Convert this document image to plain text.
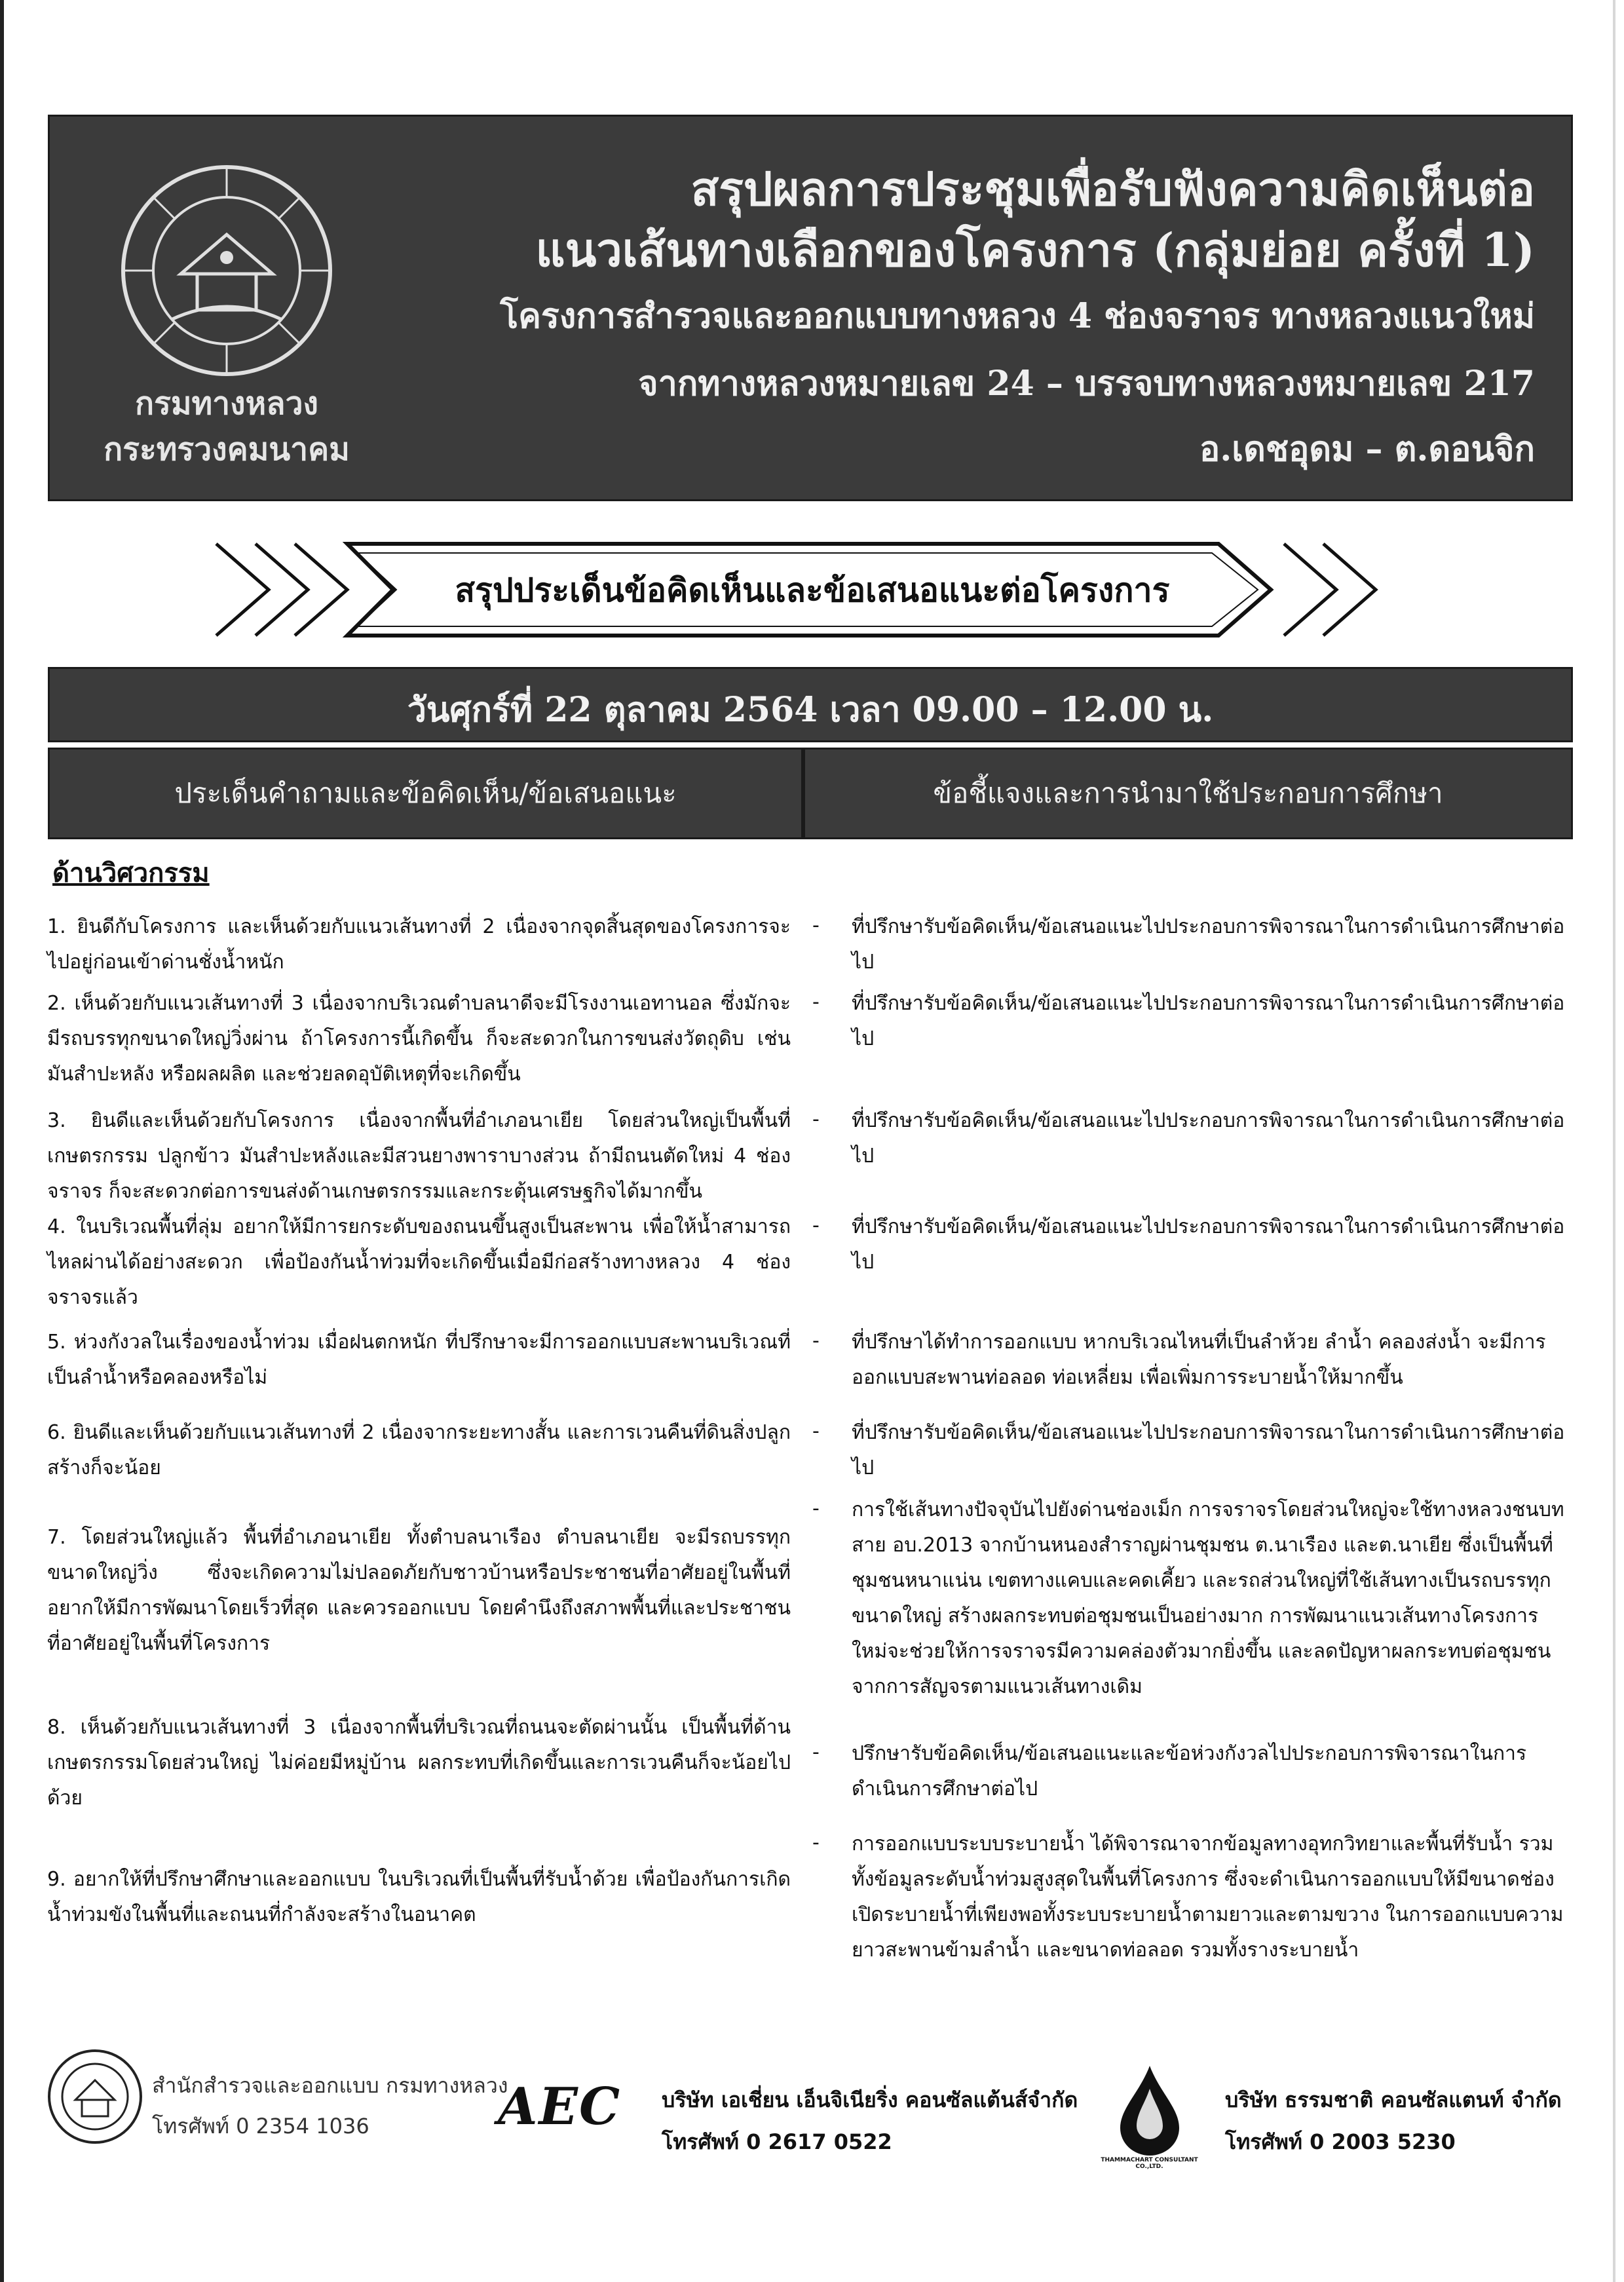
กรมทางหลวง
กระทรวงคมนาคม
สรุปผลการประชุมเพื่อรับฟังความคิดเห็นต่อ
แนวเส้นทางเลือกของโครงการ (กลุ่มย่อย ครั้งที่ 1)
โครงการสำรวจและออกแบบทางหลวง 4 ช่องจราจร ทางหลวงแนวใหม่
จากทางหลวงหมายเลข 24 – บรรจบทางหลวงหมายเลข 217
อ.เดชอุดม – ต.ดอนจิก
สรุปประเด็นข้อคิดเห็นและข้อเสนอแนะต่อโครงการ
วันศุกร์ที่ 22 ตุลาคม 2564 เวลา 09.00 – 12.00 น.
ประเด็นคำถามและข้อคิดเห็น/ข้อเสนอแนะ	ข้อชี้แจงและการนำมาใช้ประกอบการศึกษา
ด้านวิศวกรรม
1. ยินดีกับโครงการ และเห็นด้วยกับแนวเส้นทางที่ 2 เนื่องจากจุดสิ้นสุดของโครงการจะไปอยู่ก่อนเข้าด่านชั่งน้ำหนัก
- ที่ปรึกษารับข้อคิดเห็น/ข้อเสนอแนะไปประกอบการพิจารณาในการดำเนินการศึกษาต่อไป
2. เห็นด้วยกับแนวเส้นทางที่ 3 เนื่องจากบริเวณตำบลนาดีจะมีโรงงานเอทานอล ซึ่งมักจะมีรถบรรทุกขนาดใหญ่วิ่งผ่าน ถ้าโครงการนี้เกิดขึ้น ก็จะสะดวกในการขนส่งวัตถุดิบ เช่น มันสำปะหลัง หรือผลผลิต และช่วยลดอุบัติเหตุที่จะเกิดขึ้น
- ที่ปรึกษารับข้อคิดเห็น/ข้อเสนอแนะไปประกอบการพิจารณาในการดำเนินการศึกษาต่อไป
3. ยินดีและเห็นด้วยกับโครงการ เนื่องจากพื้นที่อำเภอนาเยีย โดยส่วนใหญ่เป็นพื้นที่เกษตรกรรม ปลูกข้าว มันสำปะหลังและมีสวนยางพาราบางส่วน ถ้ามีถนนตัดใหม่ 4 ช่องจราจร ก็จะสะดวกต่อการขนส่งด้านเกษตรกรรมและกระตุ้นเศรษฐกิจได้มากขึ้น
- ที่ปรึกษารับข้อคิดเห็น/ข้อเสนอแนะไปประกอบการพิจารณาในการดำเนินการศึกษาต่อไป
4. ในบริเวณพื้นที่ลุ่ม อยากให้มีการยกระดับของถนนขึ้นสูงเป็นสะพาน เพื่อให้น้ำสามารถไหลผ่านได้อย่างสะดวก เพื่อป้องกันน้ำท่วมที่จะเกิดขึ้นเมื่อมีก่อสร้างทางหลวง 4 ช่องจราจรแล้ว
- ที่ปรึกษารับข้อคิดเห็น/ข้อเสนอแนะไปประกอบการพิจารณาในการดำเนินการศึกษาต่อไป
5. ห่วงกังวลในเรื่องของน้ำท่วม เมื่อฝนตกหนัก ที่ปรึกษาจะมีการออกแบบสะพานบริเวณที่เป็นลำน้ำหรือคลองหรือไม่
- ที่ปรึกษาได้ทำการออกแบบ หากบริเวณไหนที่เป็นลำห้วย ลำน้ำ คลองส่งน้ำ จะมีการออกแบบสะพานท่อลอด ท่อเหลี่ยม เพื่อเพิ่มการระบายน้ำให้มากขึ้น
6. ยินดีและเห็นด้วยกับแนวเส้นทางที่ 2 เนื่องจากระยะทางสั้น และการเวนคืนที่ดินสิ่งปลูกสร้างก็จะน้อย
- ที่ปรึกษารับข้อคิดเห็น/ข้อเสนอแนะไปประกอบการพิจารณาในการดำเนินการศึกษาต่อไป
7. โดยส่วนใหญ่แล้ว พื้นที่อำเภอนาเยีย ทั้งตำบลนาเรือง ตำบลนาเยีย จะมีรถบรรทุกขนาดใหญ่วิ่ง ซึ่งจะเกิดความไม่ปลอดภัยกับชาวบ้านหรือประชาชนที่อาศัยอยู่ในพื้นที่ อยากให้มีการพัฒนาโดยเร็วที่สุด และควรออกแบบ โดยคำนึงถึงสภาพพื้นที่และประชาชนที่อาศัยอยู่ในพื้นที่โครงการ
- การใช้เส้นทางปัจจุบันไปยังด่านช่องเม็ก การจราจรโดยส่วนใหญ่จะใช้ทางหลวงชนบทสาย อบ.2013 จากบ้านหนองสำราญผ่านชุมชน ต.นาเรือง และต.นาเยีย ซึ่งเป็นพื้นที่ชุมชนหนาแน่น เขตทางแคบและคดเคี้ยว และรถส่วนใหญ่ที่ใช้เส้นทางเป็นรถบรรทุกขนาดใหญ่ สร้างผลกระทบต่อชุมชนเป็นอย่างมาก การพัฒนาแนวเส้นทางโครงการใหม่จะช่วยให้การจราจรมีความคล่องตัวมากยิ่งขึ้น และลดปัญหาผลกระทบต่อชุมชนจากการสัญจรตามแนวเส้นทางเดิม
8. เห็นด้วยกับแนวเส้นทางที่ 3 เนื่องจากพื้นที่บริเวณที่ถนนจะตัดผ่านนั้น เป็นพื้นที่ด้านเกษตรกรรมโดยส่วนใหญ่ ไม่ค่อยมีหมู่บ้าน ผลกระทบที่เกิดขึ้นและการเวนคืนก็จะน้อยไปด้วย
- ปรึกษารับข้อคิดเห็น/ข้อเสนอแนะและข้อห่วงกังวลไปประกอบการพิจารณาในการดำเนินการศึกษาต่อไป
9. อยากให้ที่ปรึกษาศึกษาและออกแบบ ในบริเวณที่เป็นพื้นที่รับน้ำด้วย เพื่อป้องกันการเกิดน้ำท่วมขังในพื้นที่และถนนที่กำลังจะสร้างในอนาคต
- การออกแบบระบบระบายน้ำ ได้พิจารณาจากข้อมูลทางอุทกวิทยาและพื้นที่รับน้ำ รวมทั้งข้อมูลระดับน้ำท่วมสูงสุดในพื้นที่โครงการ ซึ่งจะดำเนินการออกแบบให้มีขนาดช่องเปิดระบายน้ำที่เพียงพอทั้งระบบระบายน้ำตามยาวและตามขวาง ในการออกแบบความยาวสะพานข้ามลำน้ำ และขนาดท่อลอด รวมทั้งรางระบายน้ำ
สำนักสำรวจและออกแบบ กรมทางหลวง
โทรศัพท์ 0 2354 1036	AEC บริษัท เอเชี่ยน เอ็นจิเนียริ่ง คอนซัลแต้นส์จำกัด
โทรศัพท์ 0 2617 0522
THAMMACHART CONSULTANT CO.,LTD.
บริษัท ธรรมชาติ คอนซัลแตนท์ จำกัด
โทรศัพท์ 0 2003 5230
